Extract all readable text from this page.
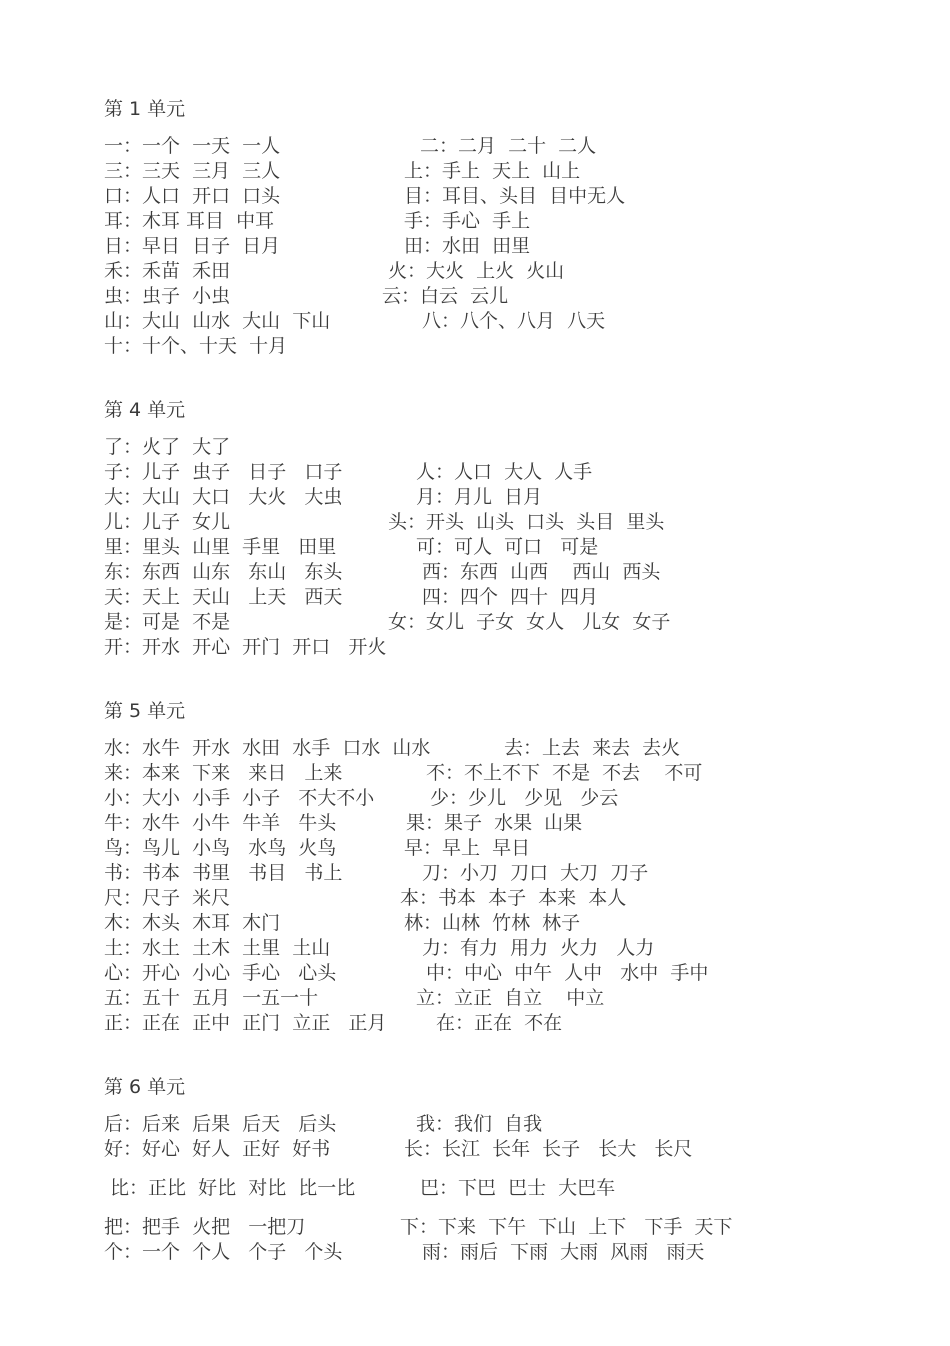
第 1 单元
一：一个  一天  一人	二：二月  二十  二人
三：三天  三月  三人	上：手上  天上  山上
口：人口  开口  口头	目：耳目、头目  目中无人
耳：木耳 耳目  中耳	手：手心  手上
日：早日  日子  日月	田：水田  田里
禾：禾苗  禾田	火：大火  上火  火山
虫：虫子  小虫	云：白云  云儿
山：大山  山水  大山  下山	八：八个、八月  八天
十：十个、十天  十月
第 4 单元
了：火了  大了
子：儿子  虫子   日子   口子	人：人口  大人  人手
大：大山  大口   大火   大虫	月：月儿  日月
儿：儿子  女儿	头：开头  山头  口头  头目  里头
里：里头  山里  手里   田里	可：可人  可口   可是
东：东西  山东   东山   东头	西：东西  山西    西山  西头
天：天上  天山   上天   西天	四：四个  四十  四月
是：可是  不是	女：女儿  子女  女人   儿女  女子
开：开水  开心  开门  开口   开火
第 5 单元
水：水牛  开水  水田  水手  口水  山水	去：上去  来去  去火
来：本来  下来   来日   上来	不：不上不下  不是  不去    不可
小：大小  小手  小子   不大不小	少：少儿   少见   少云
牛：水牛  小牛  牛羊   牛头	果：果子  水果  山果
鸟：鸟儿  小鸟   水鸟  火鸟	早：早上  早日
书：书本  书里   书目   书上	刀：小刀  刀口  大刀  刀子
尺：尺子  米尺	本：书本  本子  本来  本人
木：木头  木耳  木门	林：山林  竹林  林子
土：水土  土木  土里  土山	力：有力  用力  火力   人力
心：开心  小心  手心   心头	中：中心  中午  人中   水中  手中
五：五十  五月  一五一十	立：立正  自立    中立
正：正在  正中  正门  立正   正月	在：正在  不在
第 6 单元
后：后来  后果  后天   后头	我：我们  自我
好：好心  好人  正好  好书	长：长江  长年  长子   长大   长尺
比：正比  好比  对比  比一比	巴：下巴  巴士  大巴车
把：把手  火把   一把刀	下：下来  下午  下山  上下   下手  天下
个：一个  个人   个子   个头	雨：雨后  下雨  大雨  风雨   雨天
